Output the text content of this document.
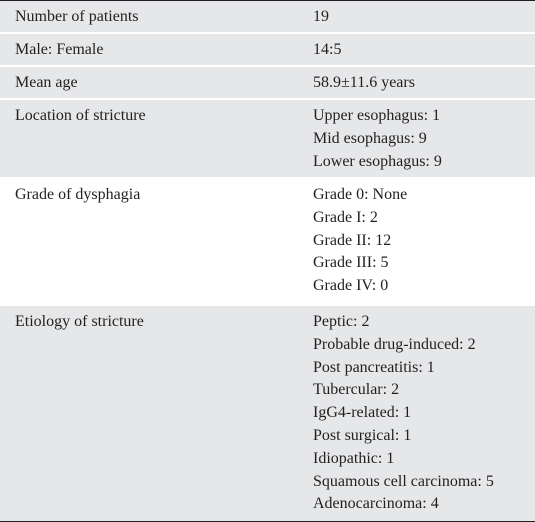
Number of patients	19
Male: Female	14:5
Mean age	58.9±11.6 years
Location of stricture	Upper esophagus: 1
Mid esophagus: 9
Lower esophagus: 9
Grade of dysphagia	Grade 0: None
Grade I: 2
Grade II: 12
Grade III: 5
Grade IV: 0
Etiology of stricture	Peptic: 2
Probable drug-induced: 2
Post pancreatitis: 1
Tubercular: 2
IgG4-related: 1
Post surgical: 1
Idiopathic: 1
Squamous cell carcinoma: 5
Adenocarcinoma: 4
